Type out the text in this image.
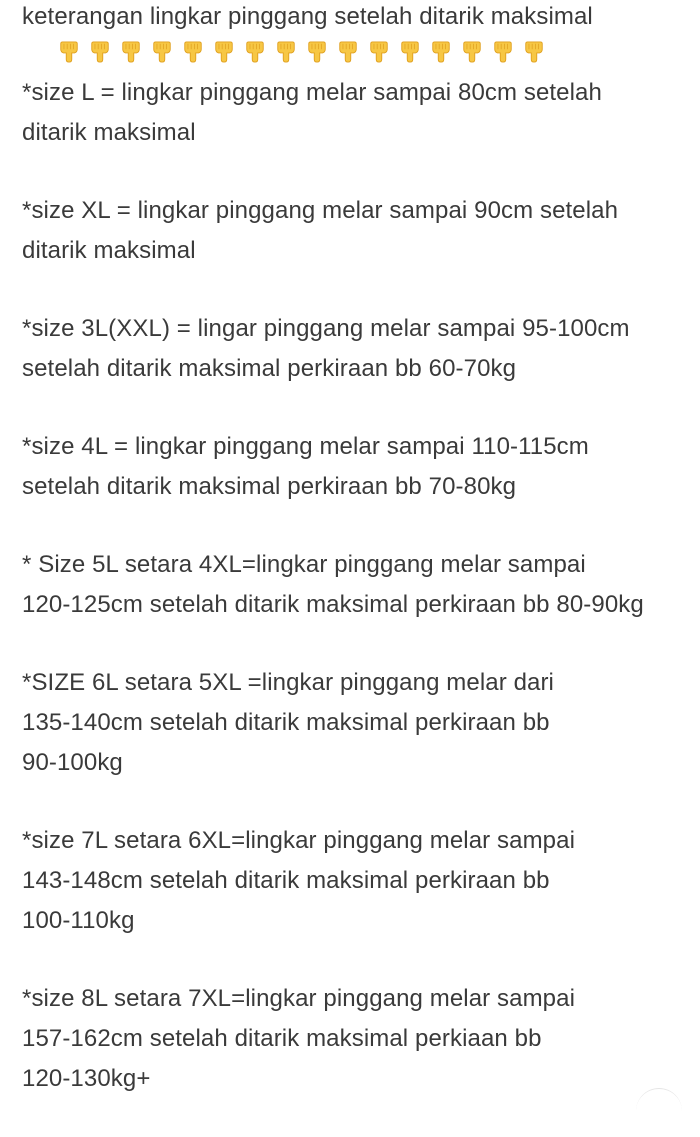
keterangan lingkar pinggang setelah ditarik maksimal

*size L = lingkar pinggang melar sampai 80cm setelah
ditarik maksimal

*size XL = lingkar pinggang melar sampai 90cm setelah
ditarik maksimal

*size 3L(XXL) = lingar pinggang melar sampai 95-100cm
setelah ditarik maksimal perkiraan bb 60-70kg

*size 4L = lingkar pinggang melar sampai 110-115cm
setelah ditarik maksimal perkiraan bb 70-80kg

* Size 5L setara 4XL=lingkar pinggang melar sampai
120-125cm setelah ditarik maksimal perkiraan bb 80-90kg

*SIZE 6L setara 5XL =lingkar pinggang melar dari
135-140cm setelah ditarik maksimal perkiraan bb
90-100kg

*size 7L setara 6XL=lingkar pinggang melar sampai
143-148cm setelah ditarik maksimal perkiraan bb
100-110kg

*size 8L setara 7XL=lingkar pinggang melar sampai
157-162cm setelah ditarik maksimal perkiaan bb
120-130kg+
